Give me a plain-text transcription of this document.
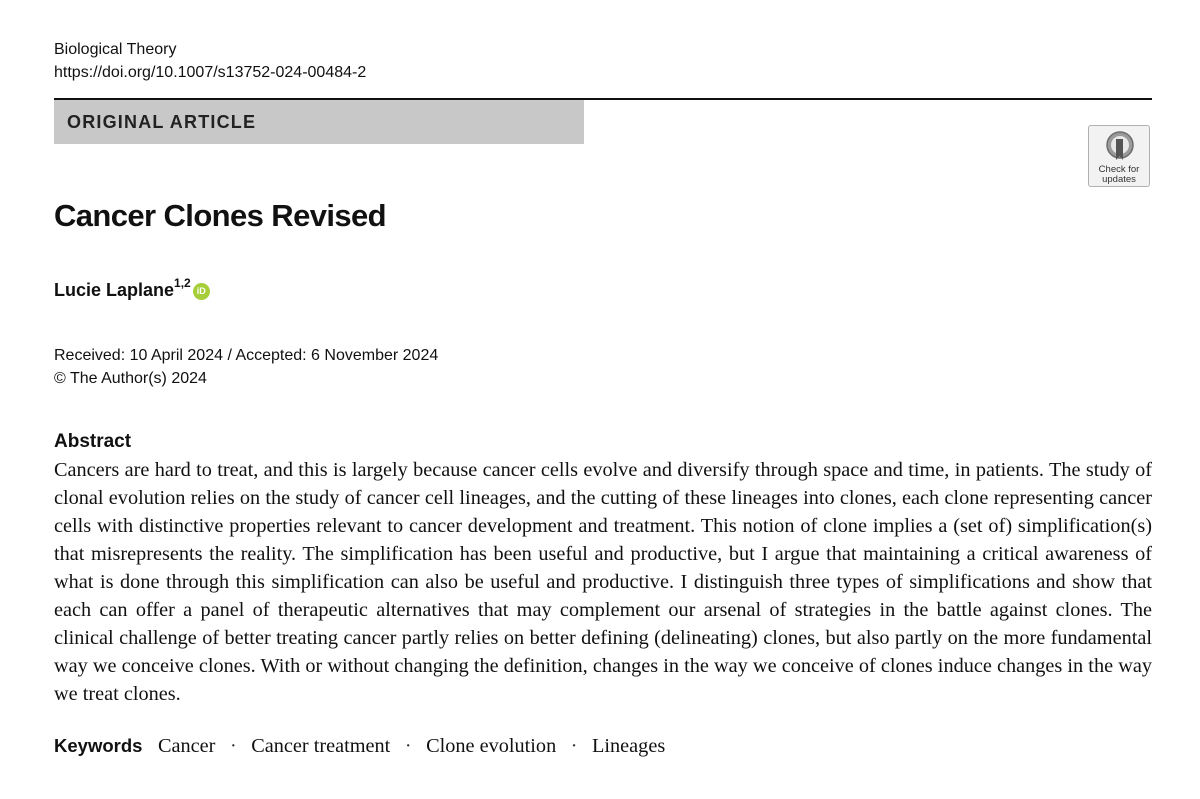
Biological Theory
https://doi.org/10.1007/s13752-024-00484-2
ORIGINAL ARTICLE
Check for
updates
Cancer Clones Revised
Lucie Laplane$^{1,2}$iD
Received: 10 April 2024 / Accepted: 6 November 2024
© The Author(s) 2024
Abstract

Cancers are hard to treat, and this is largely because cancer cells evolve and diversify through space and time, in patients. The study of clonal evolution relies on the study of cancer cell lineages, and the cutting of these lineages into clones, each clone representing cancer cells with distinctive properties relevant to cancer development and treatment. This notion of clone implies a (set of) simplification(s) that misrepresents the reality. The simplification has been useful and productive, but I argue that maintaining a critical awareness of what is done through this simplification can also be useful and productive. I distinguish three types of simplifications and show that each can offer a panel of therapeutic alternatives that may complement our arsenal of strategies in the battle against clones. The clinical challenge of better treating cancer partly relies on better defining (delineating) clones, but also partly on the more fundamental way we conceive clones. With or without changing the definition, changes in the way we conceive of clones induce changes in the way we treat clones.

Keywords Cancer · Cancer treatment · Clone evolution · Lineages
